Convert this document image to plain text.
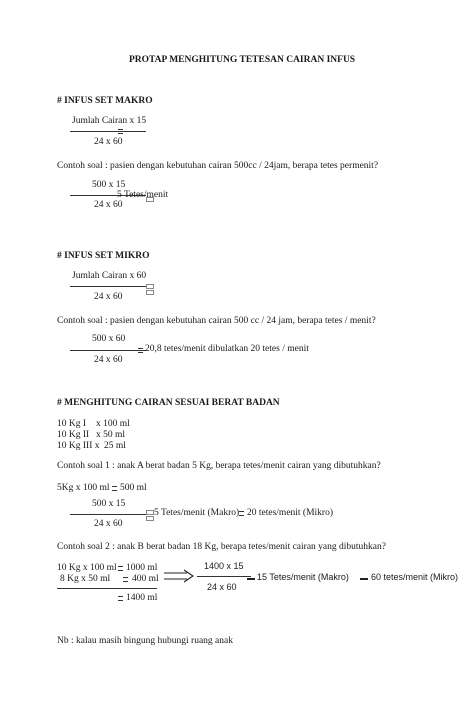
PROTAP MENGHITUNG TETESAN CAIRAN INFUS
# INFUS SET MAKRO
Jumlah Cairan x 15
24 x 60
Contoh soal : pasien dengan kebutuhan cairan 500cc / 24jam, berapa tetes permenit?
500 x 15
5 Tetes/menit
24 x 60
# INFUS SET MIKRO
Jumlah Cairan x 60
24 x 60
Contoh soal : pasien dengan kebutuhan cairan 500 cc / 24 jam, berapa tetes / menit?
500 x 60
20,8 tetes/menit dibulatkan 20 tetes / menit
24 x 60
# MENGHITUNG CAIRAN SESUAI BERAT BADAN
10 Kg I x 100 ml
10 Kg II x 50 ml
10 Kg III x 25 ml
Contoh soal 1 : anak A berat badan 5 Kg, berapa tetes/menit cairan yang dibutuhkan?
5Kg x 100 ml 500 ml
500 x 15
5 Tetes/menit (Makro) 20 tetes/menit (Mikro)
24 x 60
Contoh soal 2 : anak B berat badan 18 Kg, berapa tetes/menit cairan yang dibutuhkan?
10 Kg x 100 ml 1000 ml
8 Kg x 50 ml 400 ml
1400 ml
1400 x 15
24 x 60
15 Tetes/menit (Makro) 60 tetes/menit (Mikro)
Nb : kalau masih bingung hubungi ruang anak
